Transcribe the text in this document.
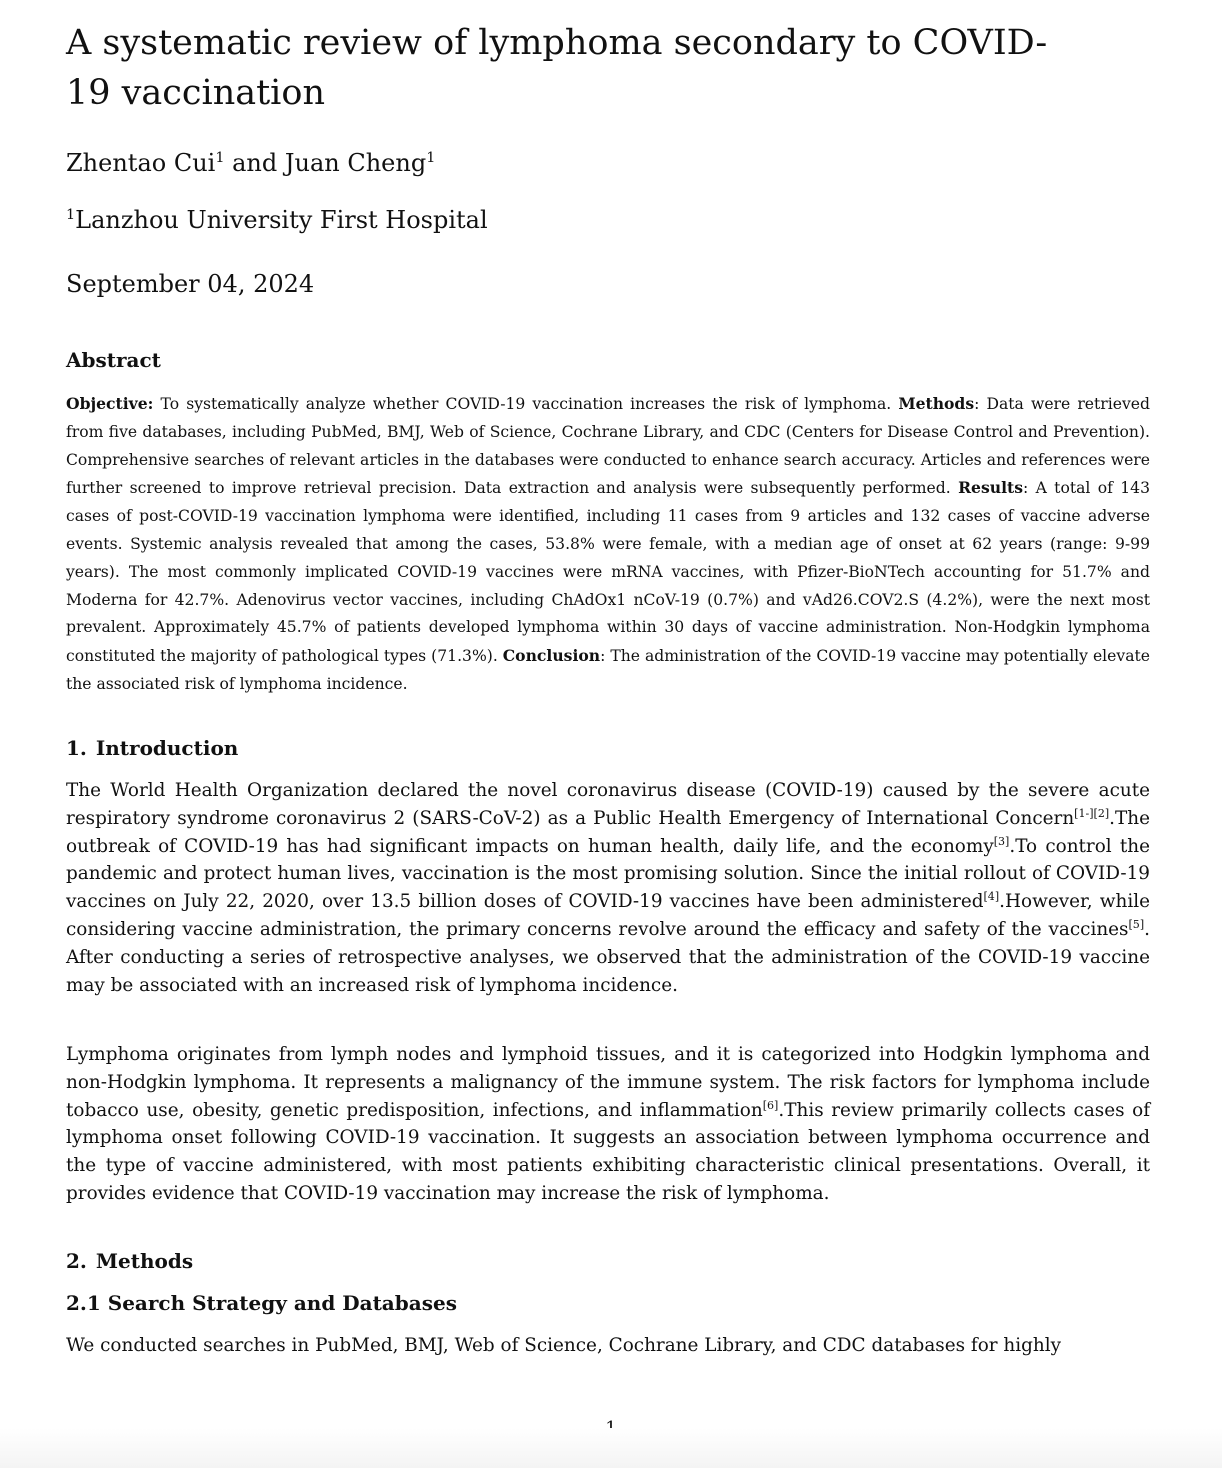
A systematic review of lymphoma secondary to COVID-19 vaccination
Zhentao Cui$^1$ and Juan Cheng$^1$
$^1$Lanzhou University First Hospital
September 04, 2024
Abstract

Objective: To systematically analyze whether COVID-19 vaccination increases the risk of lymphoma. Methods: Data were retrieved from five databases, including PubMed, BMJ, Web of Science, Cochrane Library, and CDC (Centers for Disease Control and Prevention). Comprehensive searches of relevant articles in the databases were conducted to enhance search accuracy. Articles and references were further screened to improve retrieval precision. Data extraction and analysis were subsequently performed. Results: A total of 143 cases of post-COVID-19 vaccination lymphoma were identified, including 11 cases from 9 articles and 132 cases of vaccine adverse events. Systemic analysis revealed that among the cases, 53.8% were female, with a median age of onset at 62 years (range: 9-99 years). The most commonly implicated COVID-19 vaccines were mRNA vaccines, with Pfizer-BioNTech accounting for 51.7% and Moderna for 42.7%. Adenovirus vector vaccines, including ChAdOx1 nCoV-19 (0.7%) and vAd26.COV2.S (4.2%), were the next most prevalent. Approximately 45.7% of patients developed lymphoma within 30 days of vaccine administration. Non-Hodgkin lymphoma constituted the majority of pathological types (71.3%). Conclusion: The administration of the COVID-19 vaccine may potentially elevate the associated risk of lymphoma incidence.

1. Introduction

The World Health Organization declared the novel coronavirus disease (COVID-19) caused by the severe acute respiratory syndrome coronavirus 2 (SARS-CoV-2) as a Public Health Emergency of International Concern[1-][2].The outbreak of COVID-19 has had significant impacts on human health, daily life, and the economy[3].To control the pandemic and protect human lives, vaccination is the most promising solution. Since the initial rollout of COVID-19 vaccines on July 22, 2020, over 13.5 billion doses of COVID-19 vaccines have been administered[4].However, while considering vaccine administration, the primary concerns revolve around the efficacy and safety of the vaccines[5]. After conducting a series of retrospective analyses, we observed that the administration of the COVID-19 vaccine may be associated with an increased risk of lymphoma incidence.

Lymphoma originates from lymph nodes and lymphoid tissues, and it is categorized into Hodgkin lymphoma and non-Hodgkin lymphoma. It represents a malignancy of the immune system. The risk factors for lymphoma include tobacco use, obesity, genetic predisposition, infections, and inflammation[6].This review primarily collects cases of lymphoma onset following COVID-19 vaccination. It suggests an association between lymphoma occurrence and the type of vaccine administered, with most patients exhibiting characteristic clinical presentations. Overall, it provides evidence that COVID-19 vaccination may increase the risk of lymphoma.

2. Methods
2.1 Search Strategy and Databases

We conducted searches in PubMed, BMJ, Web of Science, Cochrane Library, and CDC databases for highly
